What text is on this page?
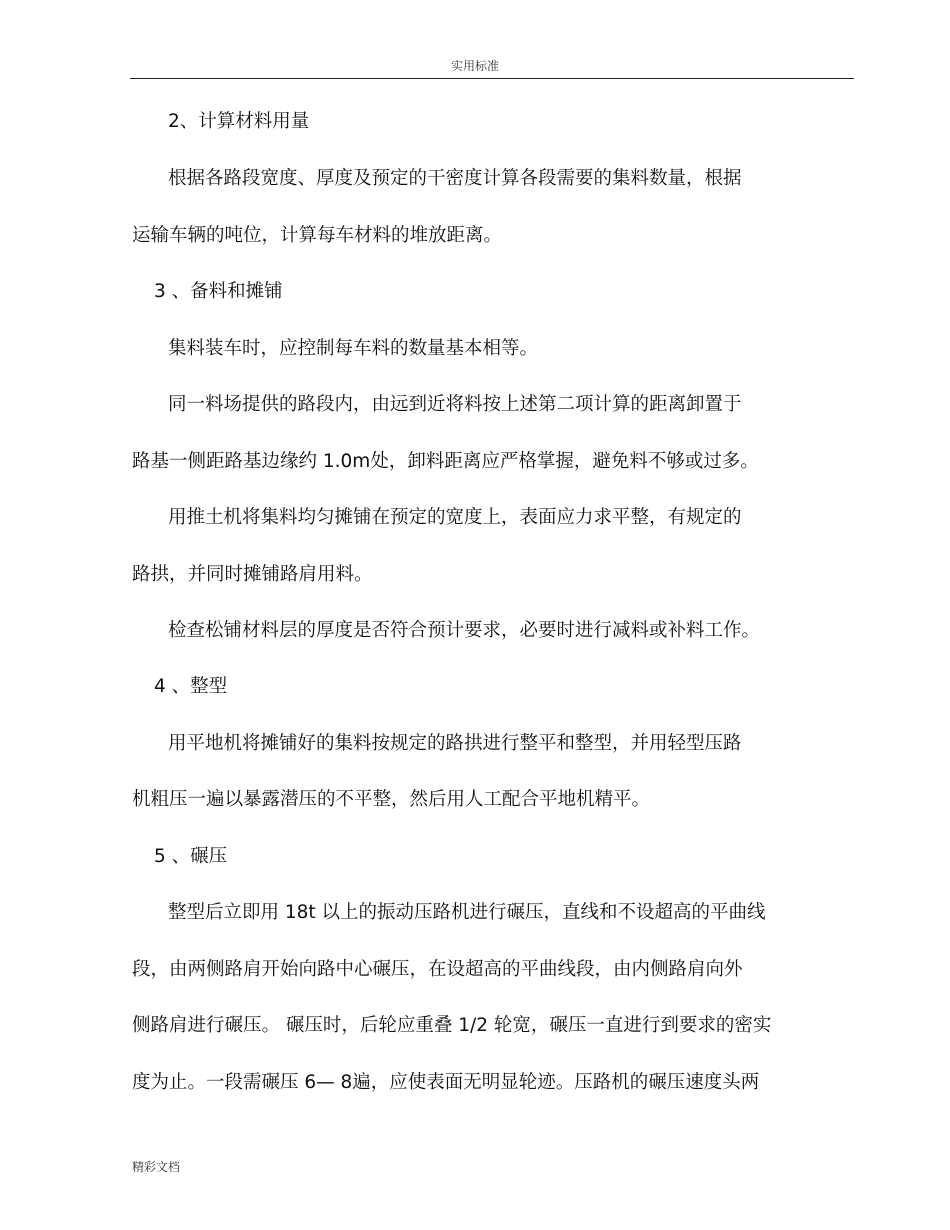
实用标准
2、计算材料用量
根据各路段宽度、厚度及预定的干密度计算各段需要的集料数量，根据
运输车辆的吨位，计算每车材料的堆放距离。
3 、备料和摊铺
集料装车时，应控制每车料的数量基本相等。
同一料场提供的路段内，由远到近将料按上述第二项计算的距离卸置于
路基一侧距路基边缘约 1.0m处，卸料距离应严格掌握，避免料不够或过多。
用推土机将集料均匀摊铺在预定的宽度上，表面应力求平整，有规定的
路拱，并同时摊铺路肩用料。
检查松铺材料层的厚度是否符合预计要求，必要时进行减料或补料工作。
4 、整型
用平地机将摊铺好的集料按规定的路拱进行整平和整型，并用轻型压路
机粗压一遍以暴露潜压的不平整，然后用人工配合平地机精平。
5 、碾压
整型后立即用 18t 以上的振动压路机进行碾压，直线和不设超高的平曲线
段，由两侧路肩开始向路中心碾压，在设超高的平曲线段，由内侧路肩向外
侧路肩进行碾压。 碾压时，后轮应重叠 1/2 轮宽，碾压一直进行到要求的密实
度为止。一段需碾压 6— 8遍，应使表面无明显轮迹。压路机的碾压速度头两
精彩文档
